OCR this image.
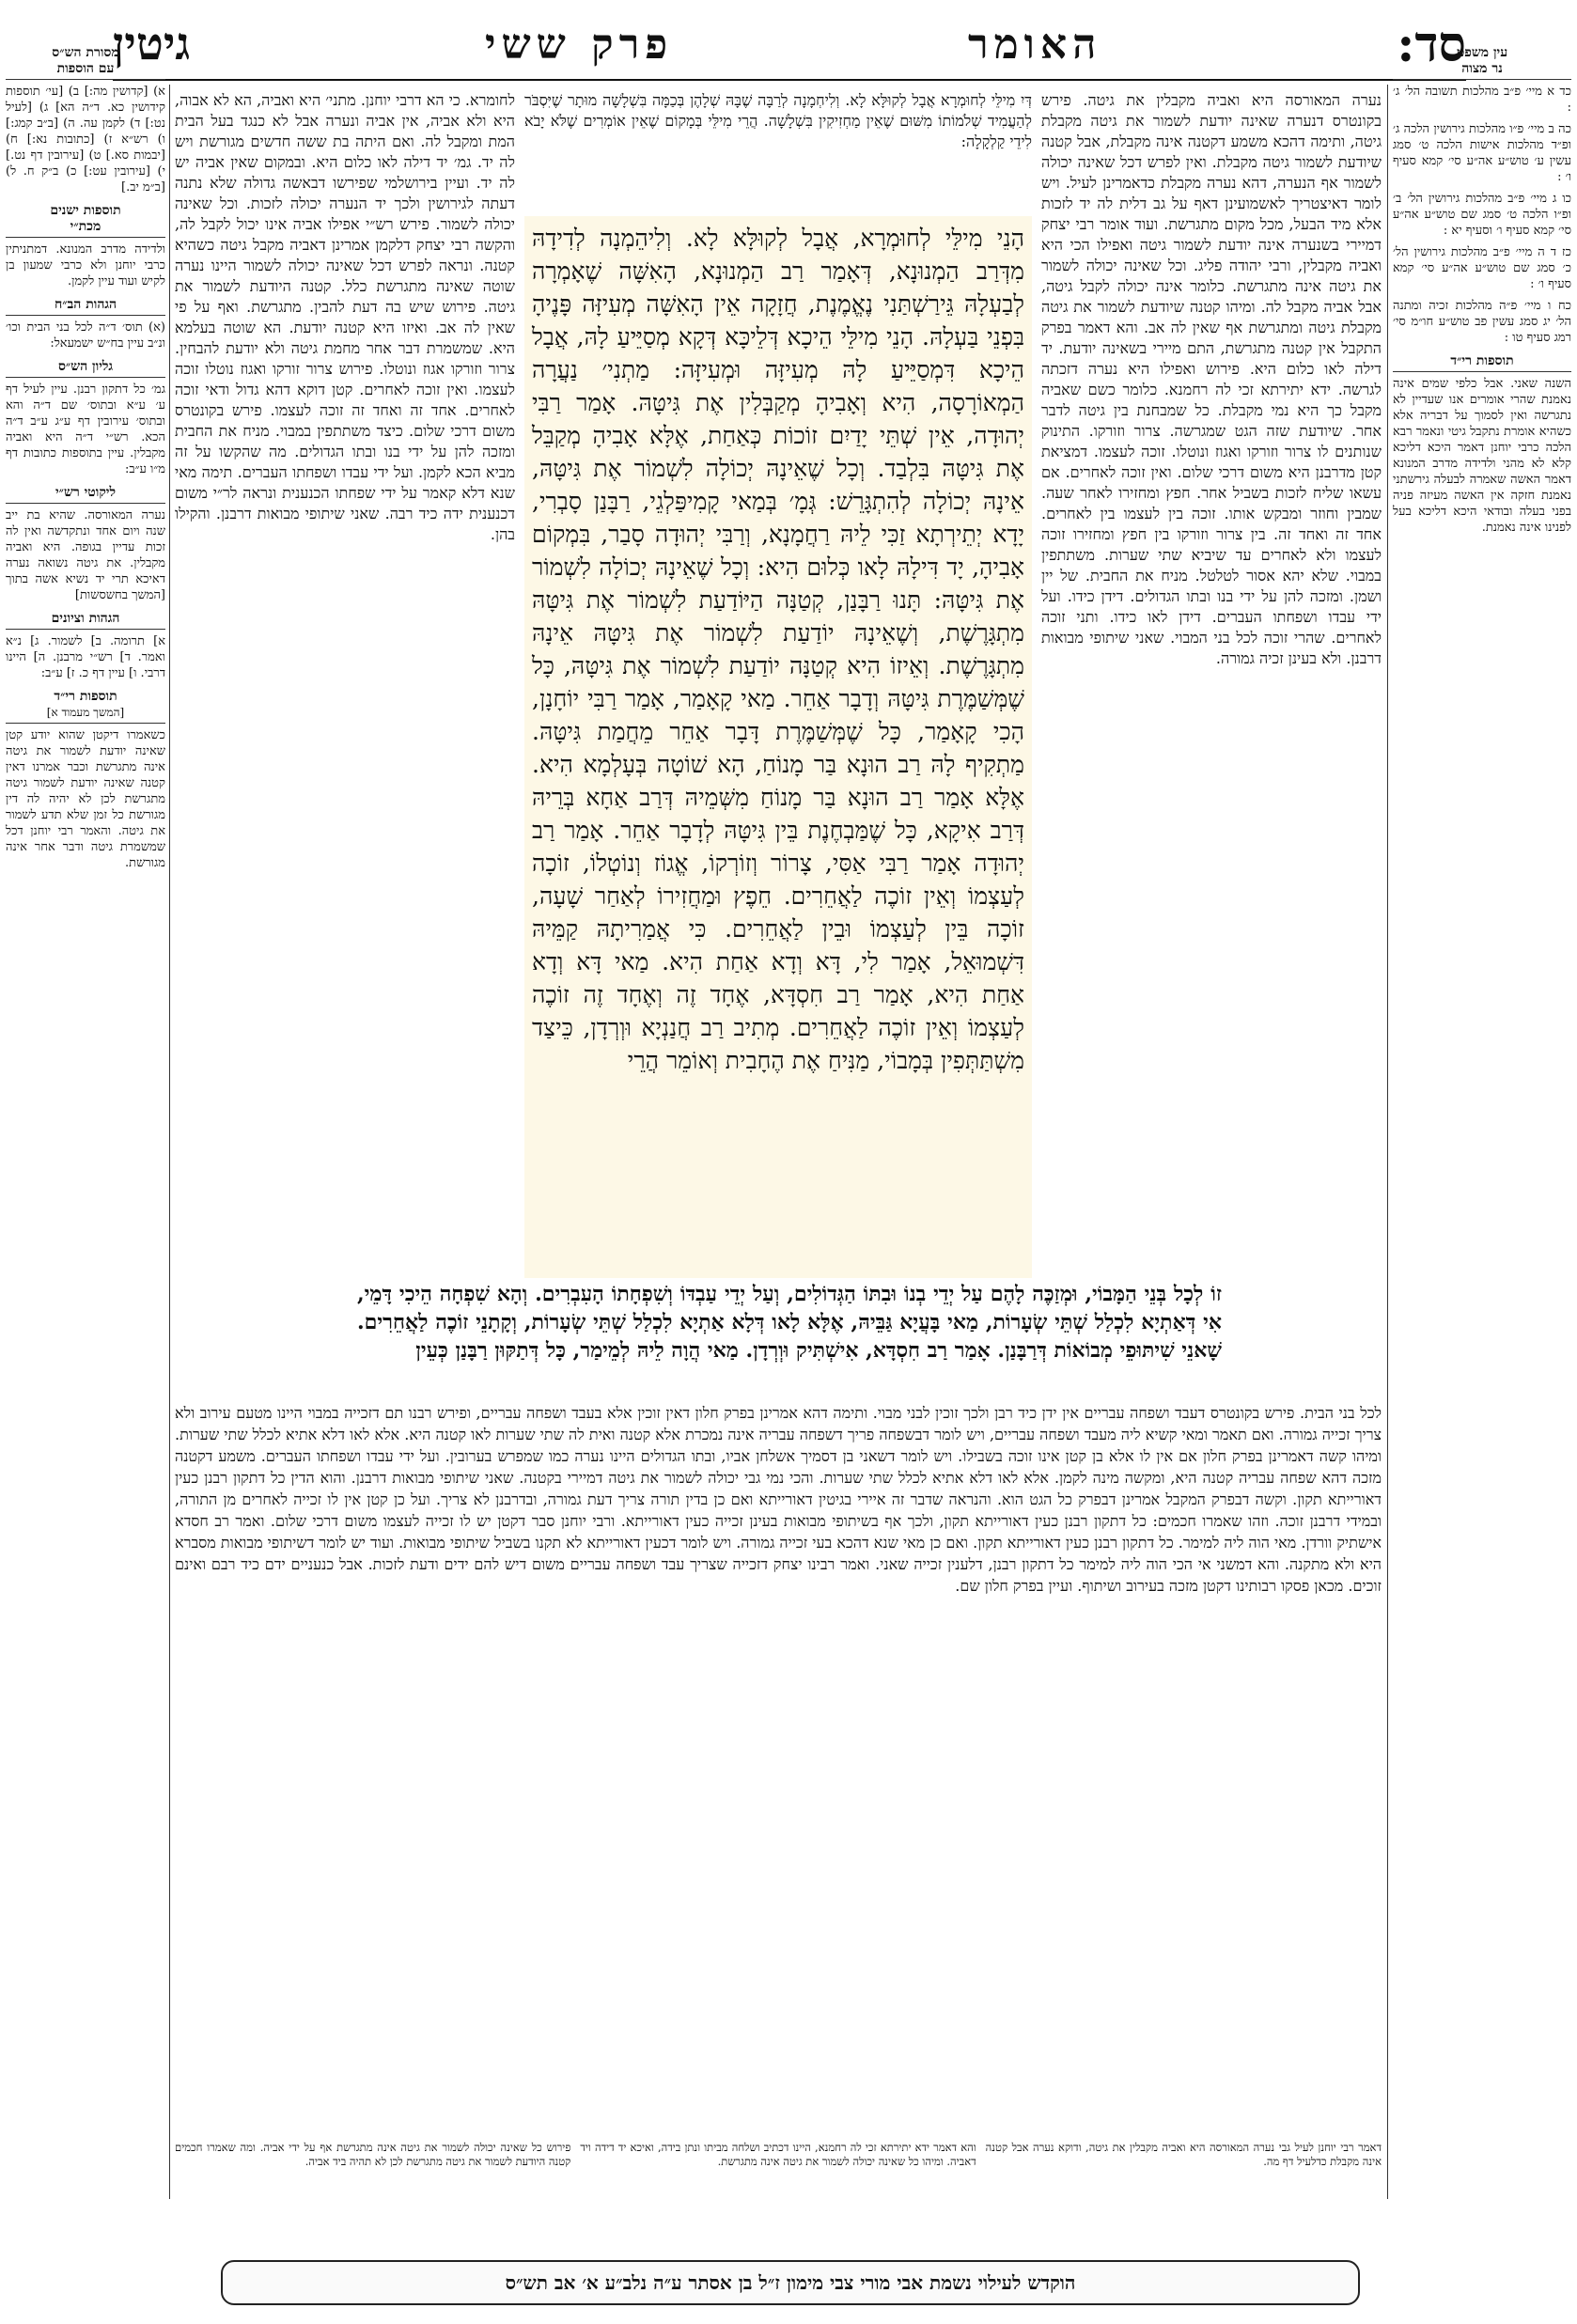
סד:
האומר
פרק ששי
גיטין	עין משפט
נר מצוה

כד א מיי׳ פ״ב מהלכות תשובה הל׳ ג׳ :

כה ב מיי׳ פ״ו מהלכות גירושין הלכה ג׳ ופ״ד מהלכות אישות הלכה ט׳ סמג עשין ע׳ טוש״ע אה״ע סי׳ קמא סעיף ו׳ :

כו ג מיי׳ פ״ב מהלכות גירושין הל׳ ב׳ ופ״ו הלכה ט׳ סמג שם טוש״ע אה״ע סי׳ קמא סעיף ו׳ וסעיף יא :

כז ד ה מיי׳ פ״ב מהלכות גירושין הל׳ כ׳ סמג שם טוש״ע אה״ע סי׳ קמא סעיף ו׳ :

כח ו מיי׳ פ״ה מהלכות זכיה ומתנה הל׳ יג סמג עשין פב טוש״ע חו״מ סי׳ רמג סעיף טו :

תוספות רי״ד

השנה שאני. אבל כלפי שמים אינה נאמנת שהרי אומרים אנו שעדיין לא נתגרשה ואין לסמוך על דבריה אלא כשהיא אומרת נתקבל גיטי ונאמר רבא הלכה כרבי יוחנן דאמר היכא דליכא קלא לא מהני ולדידה מדרב המנונא דאמר האשה שאמרה לבעלה גירשתני נאמנת חזקה אין האשה מעיזה פניה בפני בעלה ובודאי היכא דליכא בעל לפנינו אינה נאמנת.

מסורת הש״ס
עם הוספות

א) [קדושין מה:] ב) [עי׳ תוספות קידושין כא. ד״ה הא] ג) [לעיל נט:] ד) לקמן עה. ה) [ב״ב קמג:] ו) רש״א ז) [כתובות נא:] ח) [יבמות סא.] ט) [עירובין דף נט.] י) [עירובין עט:] כ) ב״ק ח. ל) [ב״מ יב.]

תוספות ישנים
מכת״י

ולדידה מדרב המנונא. דמתניתין כרבי יוחנן ולא כרבי שמעון בן לקיש ועוד עיין לקמן.

הגהות הב״ח

(א) תוס׳ ד״ה לכל בני הבית וכו׳ ונ״ב עיין בח״ש ישמעאל:

גליון הש״ס

גמ׳ כל דתקון רבנן. עיין לעיל דף ע׳ ע״א ובתוס׳ שם ד״ה והא ובתוס׳ עירובין דף ע״ג ע״ב ד״ה הכא. רש״י ד״ה היא ואביה מקבלין. עיין בתוספות כתובות דף מ״ו ע״ב:

ליקוטי רש״י

נערה המאורסה. שהיא בת ייב שנה ויום אחד ונתקדשה ואין לה זכות עדיין בגופה. היא ואביה מקבלין. את גיטה נשואה נערה דאיכא תרי יד נשיא אשה בתוך [המשך בחשסשות]

הגהות וציונים

א] תרומה. ב] לשמור. ג] נ״א ואמר. ד] רש״י מרבנן. ה] היינו דרבי. ו] עיין דף כ. ז] ע״ב:

תוספות רי״ד
[המשך מעמוד א]

כשאמרו דיקטן שהוא יודע קטן שאינה יודעת לשמור את גיטה אינה מתגרשת וכבר אמרנו דאין קטנה שאינה יודעת לשמור גיטה מתגרשת לכן לא יהיה לה דין מגורשת כל זמן שלא תדע לשמור את גיטה. והאמר רבי יוחנן דכל שמשמרת גיטה ודבר אחר אינה מגורשת.

נערה המאורסה היא ואביה מקבלין את גיטה. פירש בקונטרס דנערה שאינה יודעת לשמור את גיטה מקבלת גיטה, ותימה דהכא משמע דקטנה אינה מקבלת, אבל קטנה שיודעת לשמור גיטה מקבלת. ואין לפרש דכל שאינה יכולה לשמור אף הנערה, דהא נערה מקבלת כדאמרינן לעיל. ויש לומר דאיצטריך לאשמועינן דאף על גב דלית לה יד לזכות אלא מיד הבעל, מכל מקום מתגרשת. ועוד אומר רבי יצחק דמיירי בשנערה אינה יודעת לשמור גיטה ואפילו הכי היא ואביה מקבלין, ורבי יהודה פליג. וכל שאינה יכולה לשמור את גיטה אינה מתגרשת. כלומר אינה יכולה לקבל גיטה, אבל אביה מקבל לה. ומיהו קטנה שיודעת לשמור את גיטה מקבלת גיטה ומתגרשת אף שאין לה אב. והא דאמר בפרק התקבל אין קטנה מתגרשת, התם מיירי בשאינה יודעת. יד דילה לאו כלום היא. פירוש ואפילו היא נערה דזכתה לגרשה. ידא יתירתא זכי לה רחמנא. כלומר כשם שאביה מקבל כך היא נמי מקבלת. כל שמבחנת בין גיטה לדבר אחר. שיודעת שזה הגט שמגרשה. צרור וזורקו. התינוק שנותנים לו צרור וזורקו ואגוז ונוטלו. זוכה לעצמו. דמציאת קטן מדרבנן היא משום דרכי שלום. ואין זוכה לאחרים. אם עשאו שליח לזכות בשביל אחר. חפץ ומחזירו לאחר שעה. שמבין וחוזר ומבקש אותו. זוכה בין לעצמו בין לאחרים. אחד זה ואחד זה. בין צרור וזורקו בין חפץ ומחזירו זוכה לעצמו ולא לאחרים עד שיביא שתי שערות. משתתפין במבוי. שלא יהא אסור לטלטל. מניח את החבית. של יין ושמן. ומזכה להן על ידי בנו ובתו הגדולים. דידן כידו. ועל ידי עבדו ושפחתו העברים. דידן לאו כידו. ותני זוכה לאחרים. שהרי זוכה לכל בני המבוי. שאני שיתופי מבואות דרבנן. ולא בעינן זכיה גמורה.
לחומרא. כי הא דרבי יוחנן. מתני׳ היא ואביה, הא לא אבוה, היא ולא אביה, אין אביה ונערה אבל לא כנגד בעל הבית המת ומקבל לה. ואם היתה בת ששה חדשים מגורשת ויש לה יד. גמ׳ יד דילה לאו כלום היא. ובמקום שאין אביה יש לה יד. ועיין בירושלמי שפירשו דבאשה גדולה שלא נתנה דעתה לגירושין ולכך יד הנערה יכולה לזכות. וכל שאינה יכולה לשמור. פירש רש״י אפילו אביה אינו יכול לקבל לה, והקשה רבי יצחק דלקמן אמרינן דאביה מקבל גיטה כשהיא קטנה. ונראה לפרש דכל שאינה יכולה לשמור היינו נערה שוטה שאינה מתגרשת כלל. קטנה היודעת לשמור את גיטה. פירוש שיש בה דעת להבין. מתגרשת. ואף על פי שאין לה אב. ואיזו היא קטנה יודעת. הא שוטה בעלמא היא. שמשמרת דבר אחר מחמת גיטה ולא יודעת להבחין. צרור וזורקו אגוז ונוטלו. פירוש צרור זורקו ואגוז נוטלו זוכה לעצמו. ואין זוכה לאחרים. קטן דוקא דהא גדול ודאי זוכה לאחרים. אחד זה ואחד זה זוכה לעצמו. פירש בקונטרס משום דרכי שלום. כיצד משתתפין במבוי. מניח את החבית ומזכה להן על ידי בנו ובתו הגדולים. מה שהקשו על זה מביא הכא לקמן. ועל ידי עבדו ושפחתו העברים. תימה מאי שנא דלא קאמר על ידי שפחתו הכנענית ונראה לר״י משום דכנענית ידה כיד רבה. שאני שיתופי מבואות דרבנן. והקילו בהן.
דְּיִ מִילֵּי לְחוּמְרָא אֲבָל לְקוּלָּא לָא. וְלִיחְמָנָה לְרַבָּה שֶׁבָּהּ שְׁלָהֶן בְּכַמָּה בִּשְׁלָשָׁה מוּתָר שֶׁיִּסְבֹּר לְהַעֲמִיד שְׁלֹמוֹתוֹ מִשּׁוּם שֶׁאֵין מַחְזִיקִין בִּשְׁלָשָׁה. הֲרֵי מִילֵּי בְּמָקוֹם שֶׁאֵין אוֹמְרִים שֶׁלֹּא יָבֹא לִידֵי קַלְקָלָה:
הָנֵי מִילֵּי לְחוּמְרָא, אֲבָל לְקוּלָּא לָא. וְלִיהֵמְנָה לְדִידָהּ מִדְּרַב הַמְנוּנָא, דְּאָמַר רַב הַמְנוּנָא, הָאִשָּׁה שֶׁאָמְרָה לְבַעְלָהּ גֵּירַשְׁתַּנִי נֶאֱמֶנֶת, חֲזָקָה אֵין הָאִשָּׁה מְעִיזָּה פָּנֶיהָ בִּפְנֵי בַּעְלָהּ. הָנֵי מִילֵּי הֵיכָא דְּלֵיכָּא דְּקָא מְסַיֵּיעַ לָהּ, אֲבָל הֵיכָא דִּמְסַיֵּיעַ לָהּ מְעִיזָּה וּמְעִיזָּה: מַתְנִי׳ נַעֲרָה הַמְאוֹרָסָה, הִיא וְאָבִיהָ מְקַבְּלִין אֶת גִּיטָּהּ. אָמַר רַבִּי יְהוּדָה, אֵין שְׁתֵּי יָדַיִם זוֹכוֹת כְּאַחַת, אֶלָּא אָבִיהָ מְקַבֵּל אֶת גִּיטָּהּ בִּלְבַד. וְכָל שֶׁאֵינָהּ יְכוֹלָה לִשְׁמוֹר אֶת גִּיטָּהּ, אֵינָהּ יְכוֹלָה לְהִתְגָּרֵשׁ: גְּמָ׳ בְּמַאי קָמִיפַּלְגֵי, רַבָּנַן סָבְרִי, יָדָא יְתֵירְתָא זַכִּי לֵיהּ רַחֲמָנָא, וְרַבִּי יְהוּדָה סָבַר, בִּמְקוֹם אָבִיהָ, יָד דִּילָהּ לָאו כְּלוּם הִיא: וְכָל שֶׁאֵינָהּ יְכוֹלָה לִשְׁמוֹר אֶת גִּיטָּהּ: תָּנוּ רַבָּנַן, קְטַנָּה הַיּוֹדַעַת לִשְׁמוֹר אֶת גִּיטָּהּ מִתְגָּרֶשֶׁת, וְשֶׁאֵינָהּ יוֹדַעַת לִשְׁמוֹר אֶת גִּיטָּהּ אֵינָהּ מִתְגָּרֶשֶׁת. וְאֵיזוֹ הִיא קְטַנָּה יוֹדַעַת לִשְׁמוֹר אֶת גִּיטָּהּ, כָּל שֶׁמְּשַׁמֶּרֶת גִּיטָּהּ וְדָבָר אַחֵר. מַאי קָאָמַר, אָמַר רַבִּי יוֹחָנָן, הָכִי קָאָמַר, כָּל שֶׁמְּשַׁמֶּרֶת דָּבָר אַחֵר מֵחֲמַת גִּיטָּהּ. מַתְקִיף לָהּ רַב הוּנָא בַּר מָנוֹחַ, הָא שׁוֹטָה בְּעָלְמָא הִיא. אֶלָּא אָמַר רַב הוּנָא בַּר מָנוֹחַ מִשְּׁמֵיהּ דְּרַב אַחָא בְּרֵיהּ דְּרַב אִיקָא, כָּל שֶׁמַּבְחֶנֶת בֵּין גִּיטָּהּ לְדָבָר אַחֵר. אָמַר רַב יְהוּדָה אָמַר רַבִּי אַסִּי, צָרוֹר וְזוֹרְקוֹ, אֱגוֹז וְנוֹטְלוֹ, זוֹכָה לְעַצְמוֹ וְאֵין זוֹכֶה לַאֲחֵרִים. חֵפֶץ וּמַחֲזִירוֹ לְאַחַר שָׁעָה, זוֹכָה בֵּין לְעַצְמוֹ וּבֵין לַאֲחֵרִים. כִּי אֲמַרִיתָהּ קַמֵּיהּ דִּשְׁמוּאֵל, אָמַר לִי, דָּא וְדָא אַחַת הִיא. מַאי דָּא וְדָא אַחַת הִיא, אָמַר רַב חִסְדָּא, אֶחָד זֶה וְאֶחָד זֶה זוֹכֶה לְעַצְמוֹ וְאֵין זוֹכֶה לַאֲחֵרִים. מְתִיב רַב חֲנַנְיָא וּוְרְדָן, כֵּיצַד מִשְׁתַּתְּפִין בְּמָבוֹי, מַנִּיחַ אֶת הֶחָבִית וְאוֹמֵר הֲרֵי
זוֹ לְכָל בְּנֵי הַמָּבוֹי, וּמְזַכֶּה לָהֶם עַל יְדֵי בְנוֹ וּבִתּוֹ הַגְּדוֹלִים, וְעַל יְדֵי עַבְדּוֹ וְשִׁפְחָתוֹ הָעִבְרִים. וְהָא שִׁפְחָה הֵיכִי דָּמֵי, אִי דְּאַתְיָא לִכְלַל שְׁתֵּי שְׂעָרוֹת, מַאי בָּעֲיָא גַּבֵּיהּ, אֶלָּא לָאו דְּלָא אַתְיָא לִכְלַל שְׁתֵּי שְׂעָרוֹת, וְקָתָנֵי זוֹכֶה לַאֲחֵרִים. שָׁאנֵי שִׁיתּוּפֵי מְבוֹאוֹת דְּרַבָּנַן. אָמַר רַב חִסְדָּא, אִישְׁתִּיק וּוְרְדָן. מַאי הֲוָה לֵיהּ לְמֵימַר, כָּל דְּתַקּוּן רַבָּנַן כְּעֵין
לכל בני הבית. פירש בקונטרס דעבד ושפחה עבריים אין ידן כיד רבן ולכך זוכין לבני מבוי. ותימה דהא אמרינן בפרק חלון דאין זוכין אלא בעבד ושפחה עבריים, ופירש רבנו תם דזכייה במבוי היינו מטעם עירוב ולא צריך זכייה גמורה. ואם תאמר ומאי קשיא ליה מעבד ושפחה עבריים, ויש לומר דבשפחה פריך דשפחה עבריה אינה נמכרת אלא קטנה ואית לה שתי שערות לאו קטנה היא. אלא לאו דלא אתיא לכלל שתי שערות. ומיהו קשה דאמרינן בפרק חלון אם אין לו אלא בן קטן אינו זוכה בשבילו. ויש לומר דשאני בן דסמיך אשלחן אביו, ובתו הגדולים היינו נערה כמו שמפרש בערובין. ועל ידי עבדו ושפחתו העברים. משמע דקטנה מזכה דהא שפחה עבריה קטנה היא, ומקשה מינה לקמן. אלא לאו דלא אתיא לכלל שתי שערות. והכי נמי גבי יכולה לשמור את גיטה דמיירי בקטנה. שאני שיתופי מבואות דרבנן. והוא הדין כל דתקון רבנן כעין דאורייתא תקון. וקשה דבפרק המקבל אמרינן דבפרק כל הגט הוא. והנראה שדבר זה איירי בגיטין דאורייתא ואם כן בדין תורה צריך דעת גמורה, ובדרבנן לא צריך. ועל כן קטן אין לו זכייה לאחרים מן התורה, ובמידי דרבנן זוכה. וזהו שאמרו חכמים: כל דתקון רבנן כעין דאורייתא תקון, ולכך אף בשיתופי מבואות בעינן זכייה כעין דאורייתא. ורבי יוחנן סבר דקטן יש לו זכייה לעצמו משום דרכי שלום. ואמר רב חסדא אישתיק וורדן. מאי הוה ליה למימר. כל דתקון רבנן כעין דאורייתא תקון. ואם כן מאי שנא דהכא בעי זכייה גמורה. ויש לומר דכעין דאורייתא לא תקנו בשביל שיתופי מבואות. ועוד יש לומר דשיתופי מבואות מסברא היא ולא מתקנה. והא דמשני אי הכי הוה ליה למימר כל דתקון רבנן, דלענין זכייה שאני. ואמר רבינו יצחק דזכייה שצריך עבד ושפחה עבריים משום דיש להם ידים ודעת לזכות. אבל כנעניים ידם כיד רבם ואינם זוכים. מכאן פסקו רבותינו דקטן מזכה בעירוב ושיתוף. ועיין בפרק חלון שם.
דאמר רבי יוחנן לעיל גבי נערה המאורסה היא ואביה מקבלין את גיטה, ודוקא נערה אבל קטנה אינה מקבלת כדלעיל דף מה.
והא דאמר ידא יתירתא זכי לה רחמנא, היינו דכתיב ושלחה מביתו ונתן בידה, ואיכא יד דידה ויד דאביה. ומיהו כל שאינה יכולה לשמור את גיטה אינה מתגרשת.
פירוש כל שאינה יכולה לשמור את גיטה אינה מתגרשת אף על ידי אביה. ומה שאמרו חכמים קטנה היודעת לשמור את גיטה מתגרשת לכן לא תהיה ביד אביה.
הוקדש לעילוי נשמת אבי מורי צבי מימון ז״ל בן אסתר ע״ה נלב״ע א׳ אב תש״ס
